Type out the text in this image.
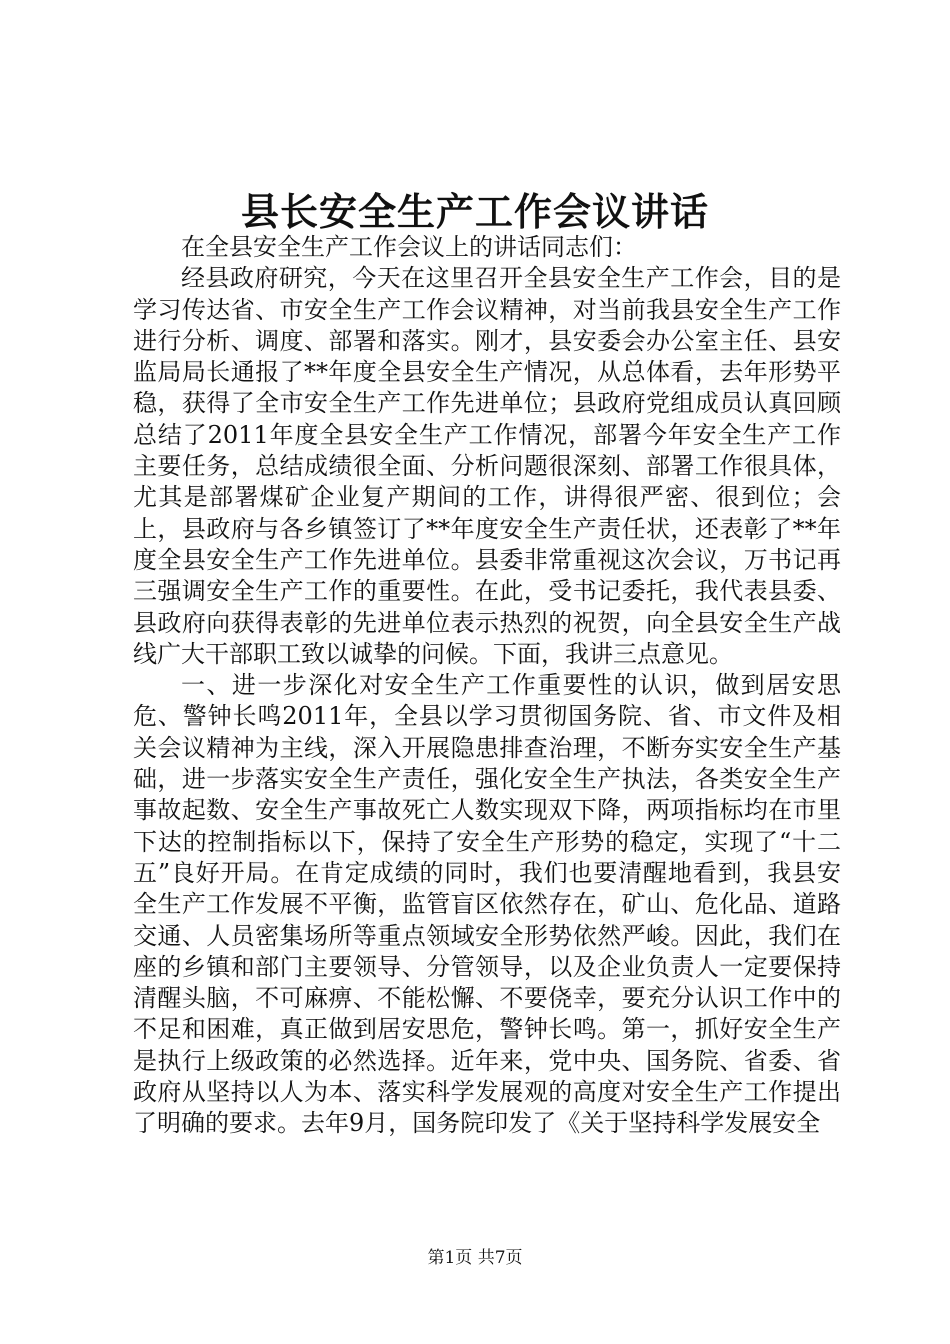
县长安全生产工作会议讲话

在全县安全生产工作会议上的讲话同志们：

经县政府研究，今天在这里召开全县安全生产工作会，目的是学习传达省、市安全生产工作会议精神，对当前我县安全生产工作进行分析、调度、部署和落实。刚才，县安委会办公室主任、县安监局局长通报了**年度全县安全生产情况，从总体看，去年形势平稳，获得了全市安全生产工作先进单位；县政府党组成员认真回顾总结了2011年度全县安全生产工作情况，部署今年安全生产工作主要任务，总结成绩很全面、分析问题很深刻、部署工作很具体，尤其是部署煤矿企业复产期间的工作，讲得很严密、很到位；会上，县政府与各乡镇签订了**年度安全生产责任状，还表彰了**年度全县安全生产工作先进单位。县委非常重视这次会议，万书记再三强调安全生产工作的重要性。在此，受书记委托，我代表县委、县政府向获得表彰的先进单位表示热烈的祝贺，向全县安全生产战线广大干部职工致以诚挚的问候。下面，我讲三点意见。

一、进一步深化对安全生产工作重要性的认识，做到居安思危、警钟长鸣2011年，全县以学习贯彻国务院、省、市文件及相关会议精神为主线，深入开展隐患排查治理，不断夯实安全生产基础，进一步落实安全生产责任，强化安全生产执法，各类安全生产事故起数、安全生产事故死亡人数实现双下降，两项指标均在市里下达的控制指标以下，保持了安全生产形势的稳定，实现了“十二五”良好开局。在肯定成绩的同时，我们也要清醒地看到，我县安全生产工作发展不平衡，监管盲区依然存在，矿山、危化品、道路交通、人员密集场所等重点领域安全形势依然严峻。因此，我们在座的乡镇和部门主要领导、分管领导，以及企业负责人一定要保持清醒头脑，不可麻痹、不能松懈、不要侥幸，要充分认识工作中的不足和困难，真正做到居安思危，警钟长鸣。第一，抓好安全生产是执行上级政策的必然选择。近年来，党中央、国务院、省委、省政府从坚持以人为本、落实科学发展观的高度对安全生产工作提出了明确的要求。去年9月，国务院印发了《关于坚持科学发展安全

第1页 共7页
